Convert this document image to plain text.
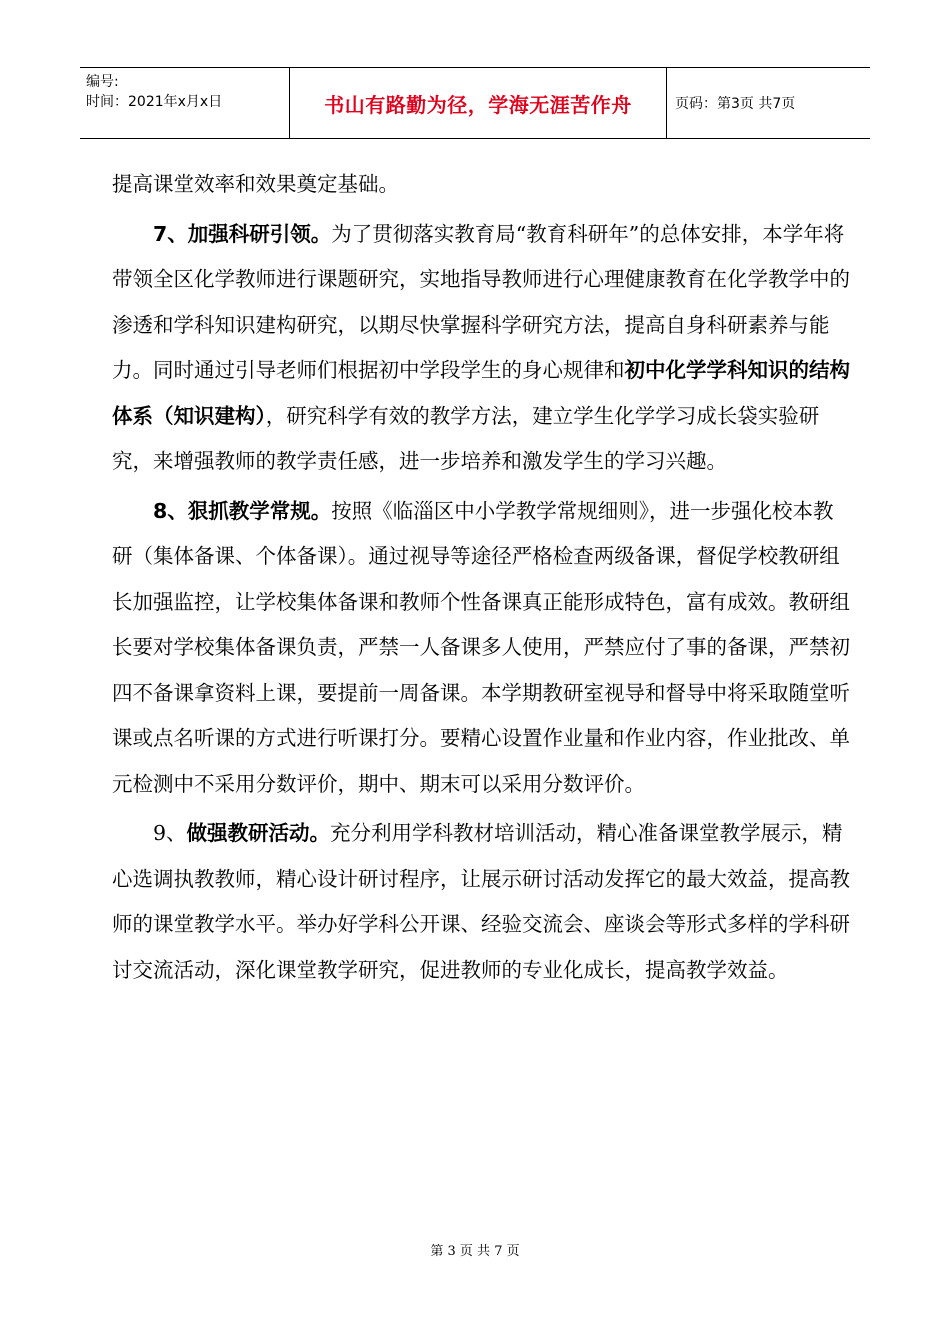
编号:
时间：2021年x月x日	书山有路勤为径，学海无涯苦作舟	页码：第3页 共7页

提高课堂效率和效果奠定基础。

7、加强科研引领。为了贯彻落实教育局“教育科研年”的总体安排，本学年将带领全区化学教师进行课题研究，实地指导教师进行心理健康教育在化学教学中的渗透和学科知识建构研究，以期尽快掌握科学研究方法，提高自身科研素养与能力。同时通过引导老师们根据初中学段学生的身心规律和初中化学学科知识的结构体系（知识建构），研究科学有效的教学方法，建立学生化学学习成长袋实验研究，来增强教师的教学责任感，进一步培养和激发学生的学习兴趣。

8、狠抓教学常规。按照《临淄区中小学教学常规细则》，进一步强化校本教研（集体备课、个体备课）。通过视导等途径严格检查两级备课，督促学校教研组长加强监控，让学校集体备课和教师个性备课真正能形成特色，富有成效。教研组长要对学校集体备课负责，严禁一人备课多人使用，严禁应付了事的备课，严禁初四不备课拿资料上课，要提前一周备课。本学期教研室视导和督导中将采取随堂听课或点名听课的方式进行听课打分。要精心设置作业量和作业内容，作业批改、单元检测中不采用分数评价，期中、期末可以采用分数评价。

9、做强教研活动。充分利用学科教材培训活动，精心准备课堂教学展示，精心选调执教教师，精心设计研讨程序，让展示研讨活动发挥它的最大效益，提高教师的课堂教学水平。举办好学科公开课、经验交流会、座谈会等形式多样的学科研讨交流活动，深化课堂教学研究，促进教师的专业化成长，提高教学效益。

第 3 页 共 7 页
